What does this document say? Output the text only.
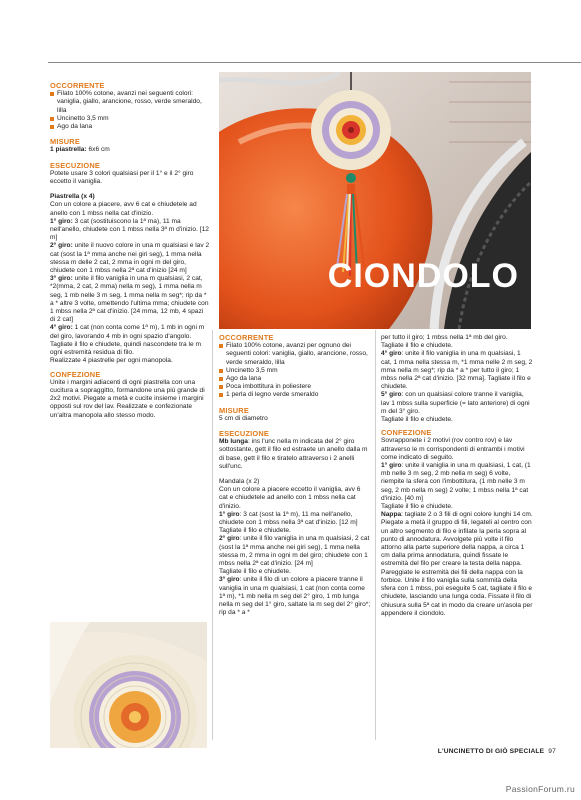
OCCORRENTE

Filato 100% cotone, avanzi nei seguenti colori: vaniglia, giallo, arancione, rosso, verde smeraldo, lilla
Uncinetto 3,5 mm
Ago da lana

MISURE

1 piastrella: 6x6 cm

ESECUZIONE

Potete usare 3 colori qualsiasi per il 1° e il 2° giro eccetto il vaniglia.

Piastrella (x 4)

Con un colore a piacere, avv 6 cat e chiudetele ad anello con 1 mbss nella cat d'inizio.

1° giro: 3 cat (sostituiscono la 1ª ma), 11 ma nell'anello, chiudete con 1 mbss nella 3ª m d'inizio. [12 m]

2° giro: unite il nuovo colore in una m qualsiasi e lav 2 cat (sost la 1ª mma anche nei giri seg), 1 mma nella stessa m delle 2 cat, 2 mma in ogni m del giro, chiudete con 1 mbss nella 2ª cat d'inizio [24 m]

3° giro: unite il filo vaniglia in una m qualsiasi, 2 cat, *2(mma, 2 cat, 2 mma) nella m seg), 1 mma nella m seg, 1 mb nelle 3 m seg, 1 mma nella m seg*; rip da * a * altre 3 volte, omettendo l'ultima mma; chiudete con 1 mbss nella 2ª cat d'inizio. [24 mma, 12 mb, 4 spazi di 2 cat]

4° giro: 1 cat (non conta come 1ª m), 1 mb in ogni m del giro, lavorando 4 mb in ogni spazio d'angolo.

Tagliate il filo e chiudete, quindi nascondete tra le m ogni estremità residua di filo.

Realizzate 4 piastrelle per ogni manopola.

CONFEZIONE

Unite i margini adiacenti di ogni piastrella con una cucitura a sopraggitto, formandone una più grande di 2x2 motivi. Piegate a metà e cucite insieme i margini opposti sul rov del lav. Realizzate e confezionate un'altra manopola allo stesso modo.

OCCORRENTE

Filato 100% cotone, avanzi per ognuno dei seguenti colori: vaniglia, giallo, arancione, rosso, verde smeraldo, lilla
Uncinetto 3,5 mm
Ago da lana
Poca imbottitura in poliestere
1 perla di legno verde smeraldo

MISURE

5 cm di diametro

ESECUZIONE

Mb lunga: ins l'unc nella m indicata del 2° giro sottostante, gett il filo ed estraete un anello dalla m di base, gett il filo e tiratelo attraverso i 2 anelli sull'unc.

Mandala (x 2)

Con un colore a piacere eccetto il vaniglia, avv 6 cat e chiudetele ad anello con 1 mbss nella cat d'inizio.

1° giro: 3 cat (sost la 1ª m), 11 ma nell'anello, chiudete con 1 mbss nella 3ª cat d'inizio. [12 m]

Tagliate il filo e chiudete.

2° giro: unite il filo vaniglia in una m qualsiasi, 2 cat (sost la 1ª mma anche nei giri seg), 1 mma nella stessa m, 2 mma in ogni m del giro; chiudete con 1 mbss nella 2ª cat d'inizio. [24 m]

Tagliate il filo e chiudete.

3° giro: unite il filo di un colore a piacere tranne il vaniglia in una m qualsiasi, 1 cat (non conta come 1ª m), *1 mb nella m seg del 2° giro, 1 mb lunga nella m seg del 1° giro, saltate la m seg del 2° giro*; rip da * a *

per tutto il giro; 1 mbss nella 1ª mb del giro.

Tagliate il filo e chiudete.

4° giro: unite il filo vaniglia in una m qualsiasi, 1 cat, 1 mma nella stessa m, *1 mma nelle 2 m seg, 2 mma nella m seg*; rip da * a * per tutto il giro; 1 mbss nella 2ª cat d'inizio. [32 mma]. Tagliate il filo e chiudete.

5° giro: con un qualsiasi colore tranne il vaniglia, lav 1 mbss sulla superficie (= lato anteriore) di ogni m del 3° giro.

Tagliate il filo e chiudete.

CONFEZIONE

Sovrapponete i 2 motivi (rov contro rov) e lav attraverso le m corrispondenti di entrambi i motivi come indicato di seguito.

1° giro: unite il vaniglia in una m qualsiasi, 1 cat, (1 mb nelle 3 m seg, 2 mb nella m seg) 6 volte, riempite la sfera con l'imbottitura, (1 mb nelle 3 m seg, 2 mb nella m seg) 2 volte; 1 mbss nella 1ª cat d'inizio. [40 m]

Tagliate il filo e chiudete.

Nappa: tagliate 2 o 3 fili di ogni colore lunghi 14 cm. Piegate a metà il gruppo di fili, legateli al centro con un altro segmento di filo e infilate la perla sopra al punto di annodatura. Avvolgete più volte il filo attorno alla parte superiore della nappa, a circa 1 cm dalla prima annodatura, quindi fissate le estremità del filo per creare la testa della nappa. Pareggiate le estremità dei fili della nappa con la forbice. Unite il filo vaniglia sulla sommità della sfera con 1 mbss, poi eseguite 5 cat, tagliate il filo e chiudete, lasciando una lunga coda. Fissate il filo di chiusura sulla 5ª cat in modo da creare un'asola per appendere il ciondolo.

CIONDOLO
L'UNCINETTO DI GIÒ SPECIALE 97
PassionForum.ru
